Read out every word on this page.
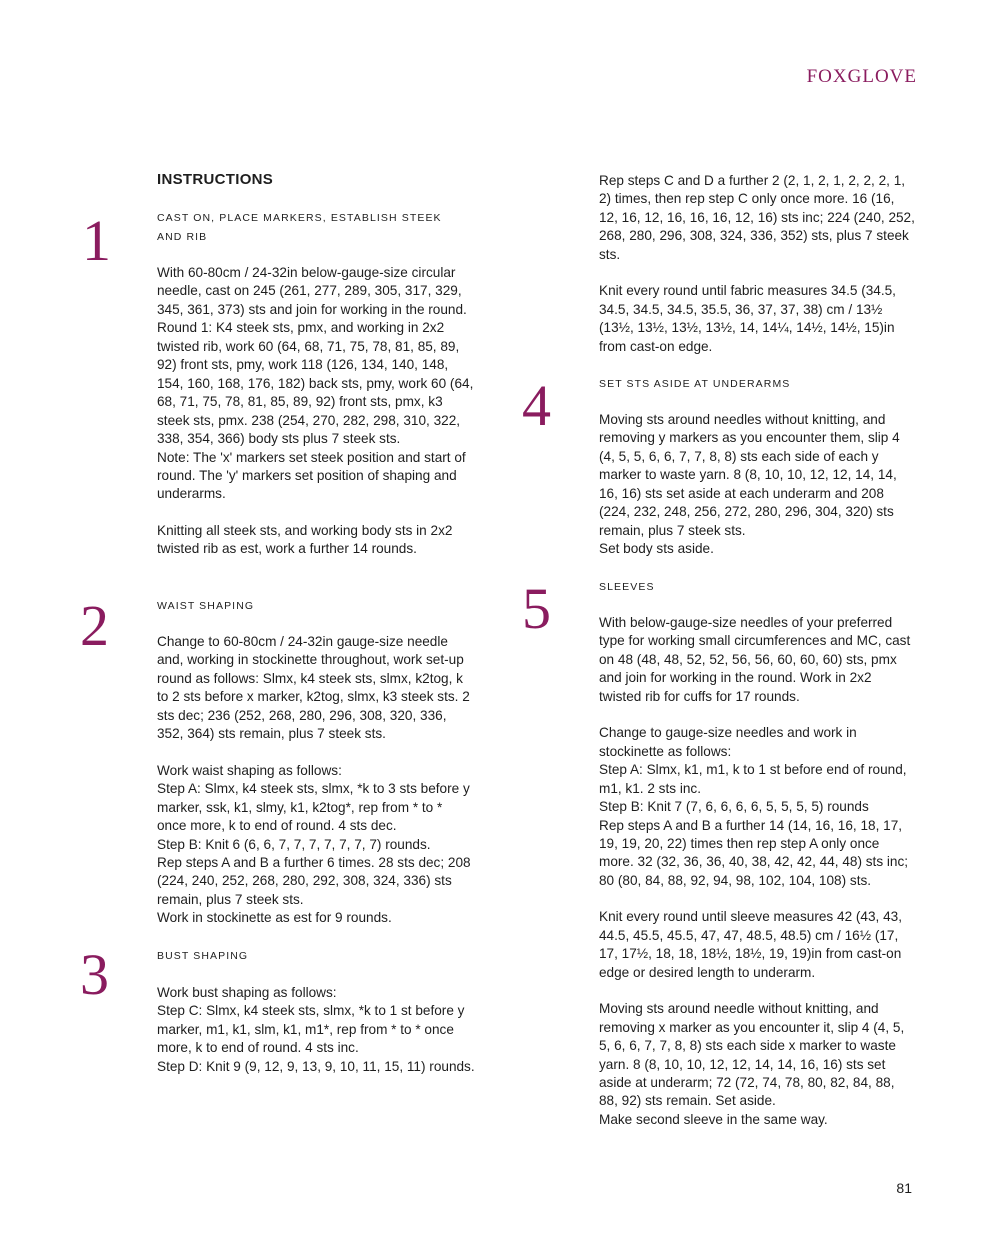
FOXGLOVE
INSTRUCTIONS
1	CAST ON, PLACE MARKERS, ESTABLISH STEEK AND RIB

With 60-80cm / 24-32in below-gauge-size circular needle, cast on 245 (261, 277, 289, 305, 317, 329, 345, 361, 373) sts and join for working in the round.

Round 1: K4 steek sts, pmx, and working in 2x2 twisted rib, work 60 (64, 68, 71, 75, 78, 81, 85, 89, 92) front sts, pmy, work 118 (126, 134, 140, 148, 154, 160, 168, 176, 182) back sts, pmy, work 60 (64, 68, 71, 75, 78, 81, 85, 89, 92) front sts, pmx, k3 steek sts, pmx. 238 (254, 270, 282, 298, 310, 322, 338, 354, 366) body sts plus 7 steek sts.

Note: The 'x' markers set steek position and start of round. The 'y' markers set position of shaping and underarms.

Knitting all steek sts, and working body sts in 2x2 twisted rib as est, work a further 14 rounds.

2	WAIST SHAPING

Change to 60-80cm / 24-32in gauge-size needle and, working in stockinette throughout, work set-up round as follows: Slmx, k4 steek sts, slmx, k2tog, k to 2 sts before x marker, k2tog, slmx, k3 steek sts. 2 sts dec; 236 (252, 268, 280, 296, 308, 320, 336, 352, 364) sts remain, plus 7 steek sts.

Work waist shaping as follows:

Step A: Slmx, k4 steek sts, slmx, *k to 3 sts before y marker, ssk, k1, slmy, k1, k2tog*, rep from * to * once more, k to end of round. 4 sts dec.

Step B: Knit 6 (6, 6, 7, 7, 7, 7, 7, 7, 7) rounds.

Rep steps A and B a further 6 times. 28 sts dec; 208 (224, 240, 252, 268, 280, 292, 308, 324, 336) sts remain, plus 7 steek sts.

Work in stockinette as est for 9 rounds.

3	BUST SHAPING

Work bust shaping as follows:

Step C: Slmx, k4 steek sts, slmx, *k to 1 st before y marker, m1, k1, slm, k1, m1*, rep from * to * once more, k to end of round. 4 sts inc.

Step D: Knit 9 (9, 12, 9, 13, 9, 10, 11, 15, 11) rounds.

Rep steps C and D a further 2 (2, 1, 2, 1, 2, 2, 2, 1, 2) times, then rep step C only once more. 16 (16, 12, 16, 12, 16, 16, 16, 12, 16) sts inc; 224 (240, 252, 268, 280, 296, 308, 324, 336, 352) sts, plus 7 steek sts.

Knit every round until fabric measures 34.5 (34.5, 34.5, 34.5, 34.5, 35.5, 36, 37, 37, 38) cm / 13½ (13½, 13½, 13½, 13½, 14, 14¼, 14½, 14½, 15)in from cast-on edge.

4	SET STS ASIDE AT UNDERARMS

Moving sts around needles without knitting, and removing y markers as you encounter them, slip 4 (4, 5, 5, 6, 6, 7, 7, 8, 8) sts each side of each y marker to waste yarn. 8 (8, 10, 10, 12, 12, 14, 14, 16, 16) sts set aside at each underarm and 208 (224, 232, 248, 256, 272, 280, 296, 304, 320) sts remain, plus 7 steek sts.

Set body sts aside.

5	SLEEVES

With below-gauge-size needles of your preferred type for working small circumferences and MC, cast on 48 (48, 48, 52, 52, 56, 56, 60, 60, 60) sts, pmx and join for working in the round. Work in 2x2 twisted rib for cuffs for 17 rounds.

Change to gauge-size needles and work in stockinette as follows:

Step A: Slmx, k1, m1, k to 1 st before end of round, m1, k1. 2 sts inc.

Step B: Knit 7 (7, 6, 6, 6, 6, 5, 5, 5, 5) rounds

Rep steps A and B a further 14 (14, 16, 16, 18, 17, 19, 19, 20, 22) times then rep step A only once more. 32 (32, 36, 36, 40, 38, 42, 42, 44, 48) sts inc; 80 (80, 84, 88, 92, 94, 98, 102, 104, 108) sts.

Knit every round until sleeve measures 42 (43, 43, 44.5, 45.5, 45.5, 47, 47, 48.5, 48.5) cm / 16½ (17, 17, 17½, 18, 18, 18½, 18½, 19, 19)in from cast-on edge or desired length to underarm.

Moving sts around needle without knitting, and removing x marker as you encounter it, slip 4 (4, 5, 5, 6, 6, 7, 7, 8, 8) sts each side x marker to waste yarn. 8 (8, 10, 10, 12, 12, 14, 14, 16, 16) sts set aside at underarm; 72 (72, 74, 78, 80, 82, 84, 88, 88, 92) sts remain. Set aside.

Make second sleeve in the same way.

81
